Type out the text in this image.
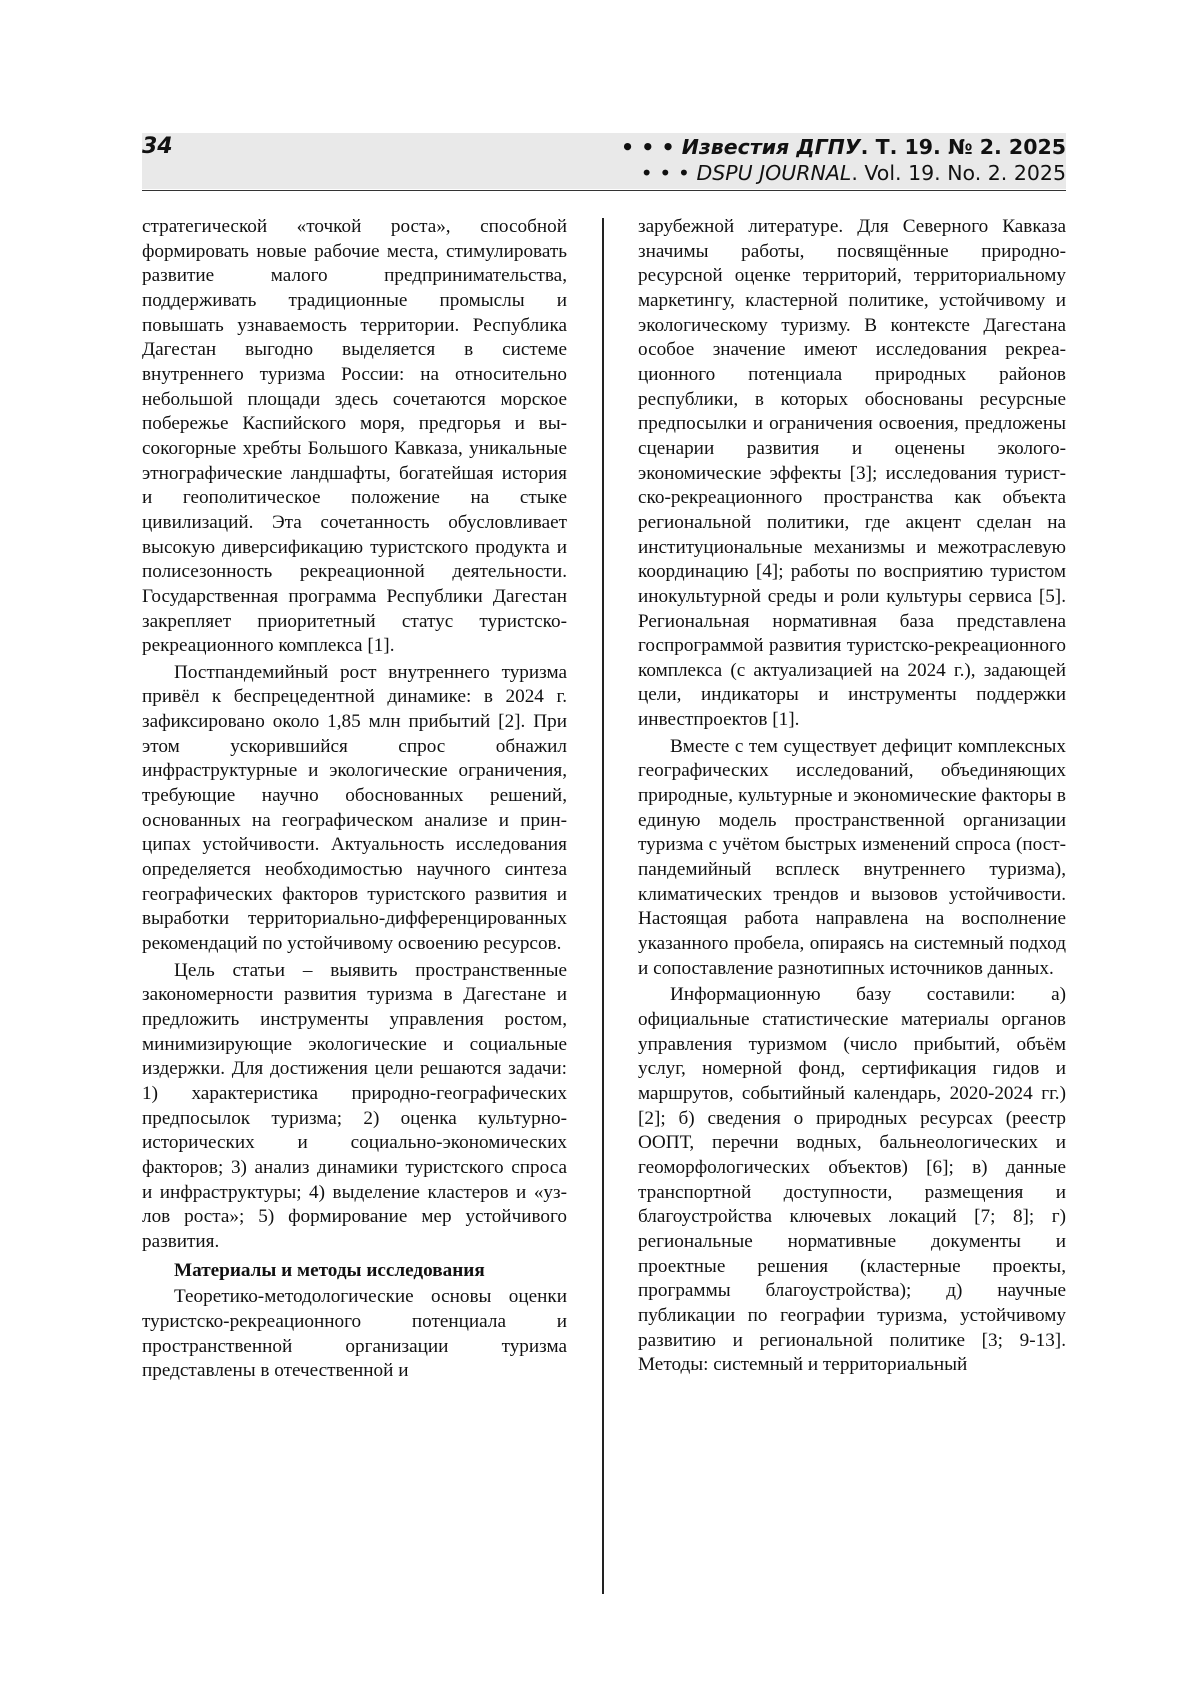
34	• • • Известия ДГПУ. Т. 19. № 2. 2025
• • • DSPU JOURNAL. Vol. 19. No. 2. 2025

стратегической «точкой роста», способной формировать новые рабочие места, стимулировать развитие малого предпринимательства, поддерживать традиционные промыслы и повышать узнаваемость территории. Республика Дагестан выгодно выделяется в системе внутреннего туризма России: на относительно небольшой площади здесь сочетаются морское побережье Каспийского моря, предгорья и высокогорные хребты Большого Кавказа, уникальные этнографические ландшафты, богатейшая история и геополитическое положение на стыке цивилизаций. Эта сочетанность обусловливает высокую диверсификацию туристского продукта и полисезонность рекреационной деятельности. Государственная программа Республики Дагестан закрепляет приоритетный статус туристско-рекреационного комплекса [1].

Постпандемийный рост внутреннего туризма привёл к беспрецедентной динамике: в 2024 г. зафиксировано около 1,85 млн прибытий [2]. При этом ускорившийся спрос обнажил инфраструктурные и экологические ограничения, требующие научно обоснованных решений, основанных на географическом анализе и принципах устойчивости. Актуальность исследования определяется необходимостью научного синтеза географических факторов туристского развития и выработки территориально-дифференцированных рекомендаций по устойчивому освоению ресурсов.

Цель статьи – выявить пространственные закономерности развития туризма в Дагестане и предложить инструменты управления ростом, минимизирующие экологические и социальные издержки. Для достижения цели решаются задачи: 1) характеристика природно-географических предпосылок туризма; 2) оценка культурно-исторических и социально-экономических факторов; 3) анализ динамики туристского спроса и инфраструктуры; 4) выделение кластеров и «узлов роста»; 5) формирование мер устойчивого развития.

Материалы и методы исследования

Теоретико-методологические основы оценки туристско-рекреационного потенциала и пространственной организации туризма представлены в отечественной и

зарубежной литературе. Для Северного Кавказа значимы работы, посвящённые природно-ресурсной оценке территорий, территориальному маркетингу, кластерной политике, устойчивому и экологическому туризму. В контексте Дагестана особое значение имеют исследования рекреационного потенциала природных районов республики, в которых обоснованы ресурсные предпосылки и ограничения освоения, предложены сценарии развития и оценены эколого-экономические эффекты [3]; исследования туристско-рекреационного пространства как объекта региональной политики, где акцент сделан на институциональные механизмы и межотраслевую координацию [4]; работы по восприятию туристом инокультурной среды и роли культуры сервиса [5]. Региональная нормативная база представлена госпрограммой развития туристско-рекреационного комплекса (с актуализацией на 2024 г.), задающей цели, индикаторы и инструменты поддержки инвестпроектов [1].

Вместе с тем существует дефицит комплексных географических исследований, объединяющих природные, культурные и экономические факторы в единую модель пространственной организации туризма с учётом быстрых изменений спроса (постпандемийный всплеск внутреннего туризма), климатических трендов и вызовов устойчивости. Настоящая работа направлена на восполнение указанного пробела, опираясь на системный подход и сопоставление разнотипных источников данных.

Информационную базу составили: а) официальные статистические материалы органов управления туризмом (число прибытий, объём услуг, номерной фонд, сертификация гидов и маршрутов, событийный календарь, 2020-2024 гг.) [2]; б) сведения о природных ресурсах (реестр ООПТ, перечни водных, бальнеологических и геоморфологических объектов) [6]; в) данные транспортной доступности, размещения и благоустройства ключевых локаций [7; 8]; г) региональные нормативные документы и проектные решения (кластерные проекты, программы благоустройства); д) научные публикации по географии туризма, устойчивому развитию и региональной политике [3; 9-13]. Методы: системный и территориальный
